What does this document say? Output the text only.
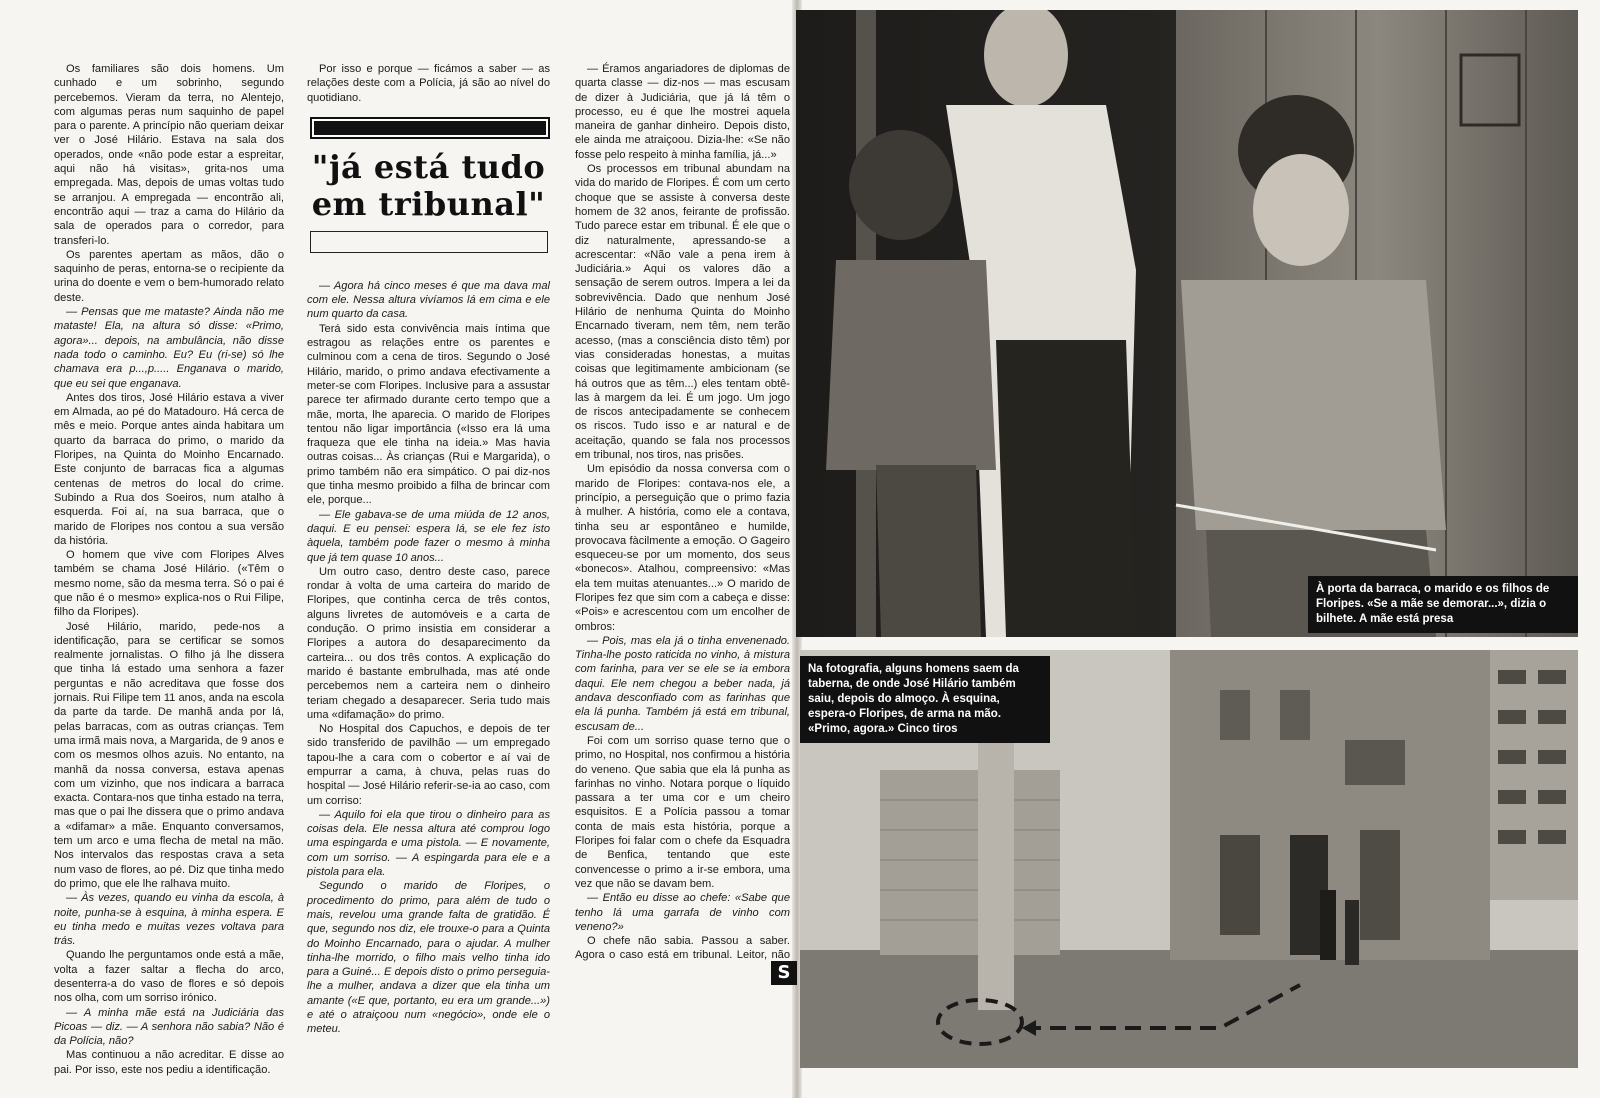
Os familiares são dois homens. Um cunhado e um sobrinho, segundo percebemos. Vieram da terra, no Alentejo, com algumas peras num saquinho de papel para o parente. A princípio não queriam deixar ver o José Hilário. Estava na sala dos operados, onde «não pode estar a espreitar, aqui não há visitas», grita-nos uma empregada. Mas, depois de umas voltas tudo se arranjou. A empregada — encontrão ali, encontrão aqui — traz a cama do Hilário da sala de operados para o corredor, para transferi-lo.

Os parentes apertam as mãos, dão o saquinho de peras, entorna-se o recipiente da urina do doente e vem o bem-humorado relato deste.

— Pensas que me mataste? Ainda não me mataste! Ela, na altura só disse: «Primo, agora»... depois, na ambulância, não disse nada todo o caminho. Eu? Eu (ri-se) só lhe chamava era p...,p..... Enganava o marido, que eu sei que enganava.

Antes dos tiros, José Hilário estava a viver em Almada, ao pé do Matadouro. Há cerca de mês e meio. Porque antes ainda habitara um quarto da barraca do primo, o marido da Floripes, na Quinta do Moinho Encarnado. Este conjunto de barracas fica a algumas centenas de metros do local do crime. Subindo a Rua dos Soeiros, num atalho à esquerda. Foi aí, na sua barraca, que o marido de Floripes nos contou a sua versão da história.

O homem que vive com Floripes Alves também se chama José Hilário. («Têm o mesmo nome, são da mesma terra. Só o pai é que não é o mesmo» explica-nos o Rui Filipe, filho da Floripes).

José Hilário, marido, pede-nos a identificação, para se certificar se somos realmente jornalistas. O filho já lhe dissera que tinha lá estado uma senhora a fazer perguntas e não acreditava que fosse dos jornais. Rui Filipe tem 11 anos, anda na escola da parte da tarde. De manhã anda por lá, pelas barracas, com as outras crianças. Tem uma irmã mais nova, a Margarida, de 9 anos e com os mesmos olhos azuis. No entanto, na manhã da nossa conversa, estava apenas com um vizinho, que nos indicara a barraca exacta. Contara-nos que tinha estado na terra, mas que o pai lhe dissera que o primo andava a «difamar» a mãe. Enquanto conversamos, tem um arco e uma flecha de metal na mão. Nos intervalos das respostas crava a seta num vaso de flores, ao pé. Diz que tinha medo do primo, que ele lhe ralhava muito.

— Às vezes, quando eu vinha da escola, à noite, punha-se à esquina, à minha espera. E eu tinha medo e muitas vezes voltava para trás.

Quando lhe perguntamos onde está a mãe, volta a fazer saltar a flecha do arco, desenterra-a do vaso de flores e só depois nos olha, com um sorriso irónico.

— A minha mãe está na Judiciária das Picoas — diz. — A senhora não sabia? Não é da Polícia, não?

Mas continuou a não acreditar. E disse ao pai. Por isso, este nos pediu a identificação.

Por isso e porque — ficámos a saber — as relações deste com a Polícia, já são ao nível do quotidiano.

"já está tudo em tribunal"

— Agora há cinco meses é que ma dava mal com ele. Nessa altura vivíamos lá em cima e ele num quarto da casa.

Terá sido esta convivência mais íntima que estragou as relações entre os parentes e culminou com a cena de tiros. Segundo o José Hilário, marido, o primo andava efectivamente a meter-se com Floripes. Inclusive para a assustar parece ter afirmado durante certo tempo que a mãe, morta, lhe aparecia. O marido de Floripes tentou não ligar importância («Isso era lá uma fraqueza que ele tinha na ideia.» Mas havia outras coisas... Às crianças (Rui e Margarida), o primo também não era simpático. O pai diz-nos que tinha mesmo proibido a filha de brincar com ele, porque...

— Ele gabava-se de uma miúda de 12 anos, daqui. E eu pensei: espera lá, se ele fez isto àquela, também pode fazer o mesmo à minha que já tem quase 10 anos...

Um outro caso, dentro deste caso, parece rondar à volta de uma carteira do marido de Floripes, que continha cerca de três contos, alguns livretes de automóveis e a carta de condução. O primo insistia em considerar a Floripes a autora do desaparecimento da carteira... ou dos três contos. A explicação do marido é bastante embrulhada, mas até onde percebemos nem a carteira nem o dinheiro teriam chegado a desaparecer. Seria tudo mais uma «difamação» do primo.

No Hospital dos Capuchos, e depois de ter sido transferido de pavilhão — um empregado tapou-lhe a cara com o cobertor e aí vai de empurrar a cama, à chuva, pelas ruas do hospital — José Hilário referir-se-ia ao caso, com um corriso:

— Aquilo foi ela que tirou o dinheiro para as coisas dela. Ele nessa altura até comprou logo uma espingarda e uma pistola. — E novamente, com um sorriso. — A espingarda para ele e a pistola para ela.

Segundo o marido de Floripes, o procedimento do primo, para além de tudo o mais, revelou uma grande falta de gratidão. É que, segundo nos diz, ele trouxe-o para a Quinta do Moinho Encarnado, para o ajudar. A mulher tinha-lhe morrido, o filho mais velho tinha ido para a Guiné... E depois disto o primo perseguia-lhe a mulher, andava a dizer que ela tinha um amante («E que, portanto, eu era um grande...») e até o atraiçoou num «negócio», onde ele o meteu.

— Éramos angariadores de diplomas de quarta classe — diz-nos — mas escusam de dizer à Judiciária, que já lá têm o processo, eu é que lhe mostrei aquela maneira de ganhar dinheiro. Depois disto, ele ainda me atraiçoou. Dizia-lhe: «Se não fosse pelo respeito à minha família, já...»

Os processos em tribunal abundam na vida do marido de Floripes. É com um certo choque que se assiste à conversa deste homem de 32 anos, feirante de profissão. Tudo parece estar em tribunal. É ele que o diz naturalmente, apressando-se a acrescentar: «Não vale a pena irem à Judiciária.» Aqui os valores dão a sensação de serem outros. Impera a lei da sobrevivência. Dado que nenhum José Hilário de nenhuma Quinta do Moinho Encarnado tiveram, nem têm, nem terão acesso, (mas a consciência disto têm) por vias consideradas honestas, a muitas coisas que legitimamente ambicionam (se há outros que as têm...) eles tentam obtê-las à margem da lei. É um jogo. Um jogo de riscos antecipadamente se conhecem os riscos. Tudo isso e ar natural e de aceitação, quando se fala nos processos em tribunal, nos tiros, nas prisões.

Um episódio da nossa conversa com o marido de Floripes: contava-nos ele, a princípio, a perseguição que o primo fazia à mulher. A história, como ele a contava, tinha seu ar espontâneo e humilde, provocava fàcilmente a emoção. O Gageiro esqueceu-se por um momento, dos seus «bonecos». Atalhou, compreensivo: «Mas ela tem muitas atenuantes...» O marido de Floripes fez que sim com a cabeça e disse: «Pois» e acrescentou com um encolher de ombros:

— Pois, mas ela já o tinha envenenado. Tinha-lhe posto raticida no vinho, à mistura com farinha, para ver se ele se ia embora daqui. Ele nem chegou a beber nada, já andava desconfiado com as farinhas que ela lá punha. Também já está em tribunal, escusam de...

Foi com um sorriso quase terno que o primo, no Hospital, nos confirmou a história do veneno. Que sabia que ela lá punha as farinhas no vinho. Notara porque o líquido passara a ter uma cor e um cheiro esquisitos. E a Polícia passou a tomar conta de mais esta história, porque a Floripes foi falar com o chefe da Esquadra de Benfica, tentando que este convencesse o primo a ir-se embora, uma vez que não se davam bem.

— Então eu disse ao chefe: «Sabe que tenho lá uma garrafa de vinho com veneno?»

O chefe não sabia. Passou a saber. Agora o caso está em tribunal. Leitor, não

À porta da barraca, o marido e os filhos de Floripes. «Se a mãe se demorar...», dizia o bilhete. A mãe está presa
Na fotografia, alguns homens saem da taberna, de onde José Hilário também saiu, depois do almoço. À esquina, espera-o Floripes, de arma na mão. «Primo, agora.» Cinco tiros
S
